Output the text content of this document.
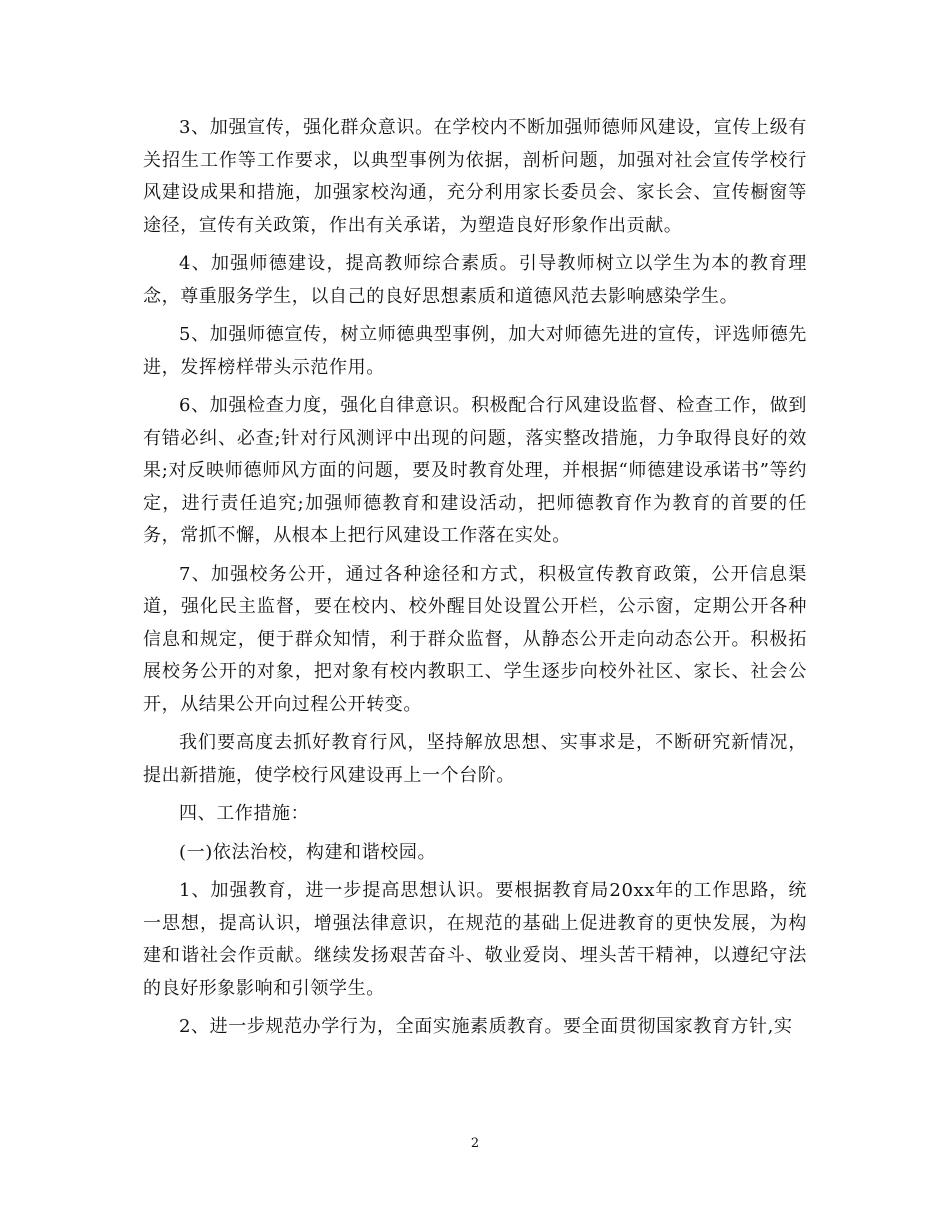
3、加强宣传，强化群众意识。在学校内不断加强师德师风建设，宣传上级有关招生工作等工作要求，以典型事例为依据，剖析问题，加强对社会宣传学校行风建设成果和措施，加强家校沟通，充分利用家长委员会、家长会、宣传橱窗等途径，宣传有关政策，作出有关承诺，为塑造良好形象作出贡献。

4、加强师德建设，提高教师综合素质。引导教师树立以学生为本的教育理念，尊重服务学生，以自己的良好思想素质和道德风范去影响感染学生。

5、加强师德宣传，树立师德典型事例，加大对师德先进的宣传，评选师德先进，发挥榜样带头示范作用。

6、加强检查力度，强化自律意识。积极配合行风建设监督、检查工作，做到有错必纠、必查;针对行风测评中出现的问题，落实整改措施，力争取得良好的效果;对反映师德师风方面的问题，要及时教育处理，并根据“师德建设承诺书”等约定，进行责任追究;加强师德教育和建设活动，把师德教育作为教育的首要的任务，常抓不懈，从根本上把行风建设工作落在实处。

7、加强校务公开，通过各种途径和方式，积极宣传教育政策，公开信息渠道，强化民主监督，要在校内、校外醒目处设置公开栏，公示窗，定期公开各种信息和规定，便于群众知情，利于群众监督，从静态公开走向动态公开。积极拓展校务公开的对象，把对象有校内教职工、学生逐步向校外社区、家长、社会公开，从结果公开向过程公开转变。

我们要高度去抓好教育行风，坚持解放思想、实事求是，不断研究新情况，提出新措施，使学校行风建设再上一个台阶。

四、工作措施：

(一)依法治校，构建和谐校园。

1、加强教育，进一步提高思想认识。要根据教育局20xx年的工作思路，统一思想，提高认识，增强法律意识，在规范的基础上促进教育的更快发展，为构建和谐社会作贡献。继续发扬艰苦奋斗、敬业爱岗、埋头苦干精神，以遵纪守法的良好形象影响和引领学生。

2、进一步规范办学行为，全面实施素质教育。要全面贯彻国家教育方针,实

2
